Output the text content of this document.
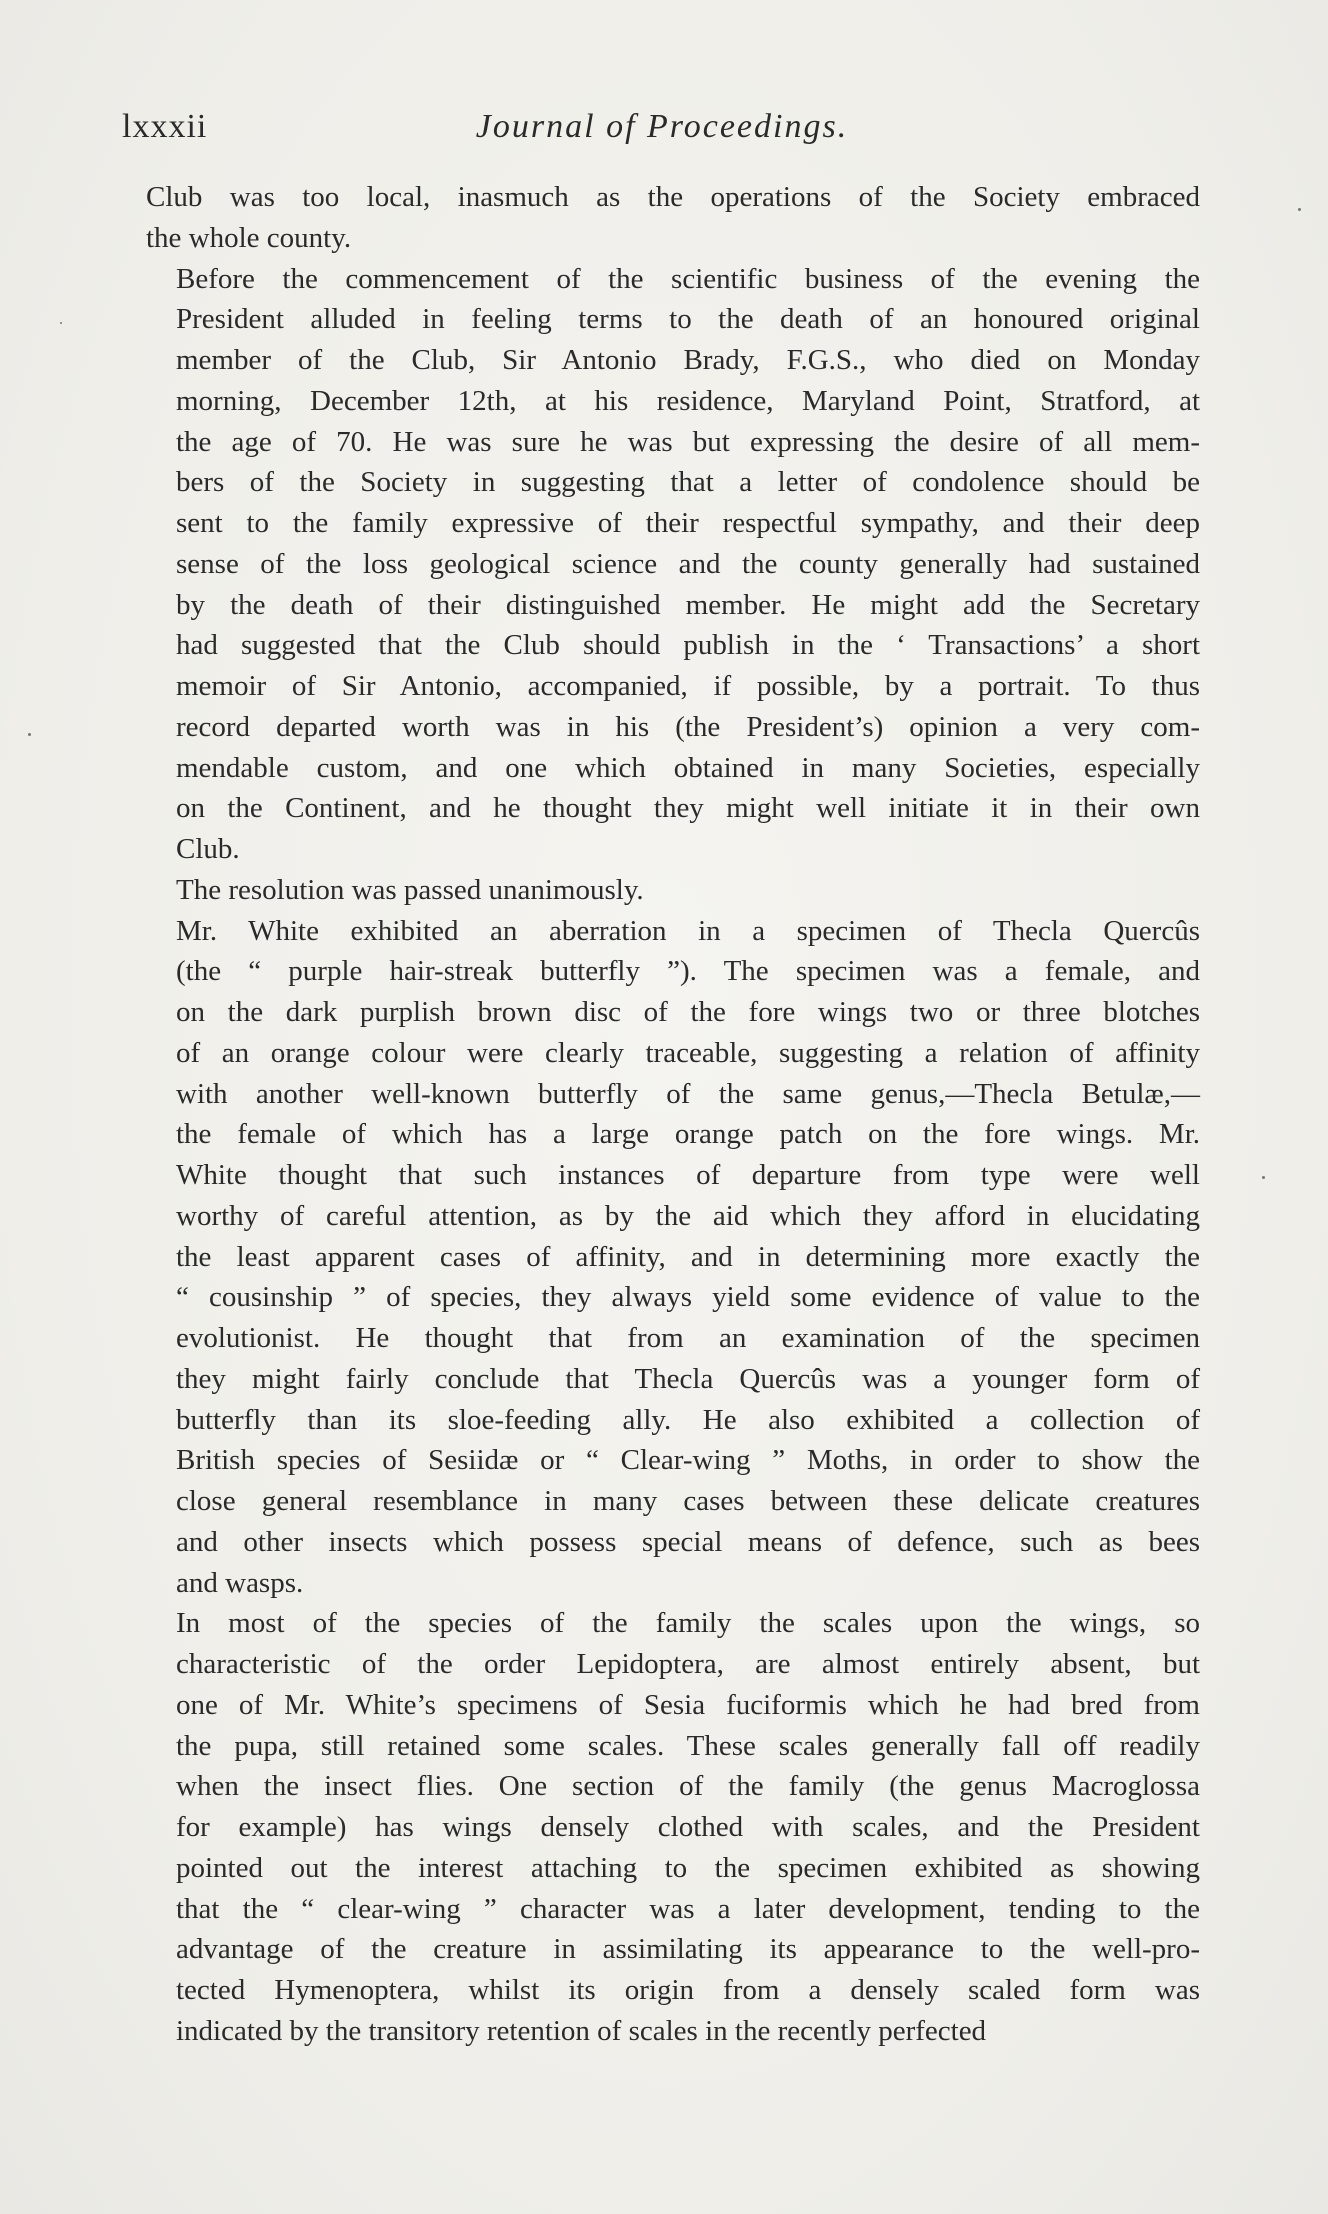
lxxxii	Journal of Proceedings.

Club was too local, inasmuch as the operations of the Society embraced
the whole county.

Before the commencement of the scientific business of the evening the
President alluded in feeling terms to the death of an honoured original
member of the Club, Sir Antonio Brady, F.G.S., who died on Monday
morning, December 12th, at his residence, Maryland Point, Stratford, at
the age of 70. He was sure he was but expressing the desire of all mem-
bers of the Society in suggesting that a letter of condolence should be
sent to the family expressive of their respectful sympathy, and their deep
sense of the loss geological science and the county generally had sustained
by the death of their distinguished member. He might add the Secretary
had suggested that the Club should publish in the ‘ Transactions’ a short
memoir of Sir Antonio, accompanied, if possible, by a portrait. To thus
record departed worth was in his (the President’s) opinion a very com-
mendable custom, and one which obtained in many Societies, especially
on the Continent, and he thought they might well initiate it in their own
Club.

The resolution was passed unanimously.

Mr. White exhibited an aberration in a specimen of Thecla Quercûs
(the “ purple hair-streak butterfly ”). The specimen was a female, and
on the dark purplish brown disc of the fore wings two or three blotches
of an orange colour were clearly traceable, suggesting a relation of affinity
with another well-known butterfly of the same genus,—Thecla Betulæ,—
the female of which has a large orange patch on the fore wings. Mr.
White thought that such instances of departure from type were well
worthy of careful attention, as by the aid which they afford in elucidating
the least apparent cases of affinity, and in determining more exactly the
“ cousinship ” of species, they always yield some evidence of value to the
evolutionist. He thought that from an examination of the specimen
they might fairly conclude that Thecla Quercûs was a younger form of
butterfly than its sloe-feeding ally. He also exhibited a collection of
British species of Sesiidæ or “ Clear-wing ” Moths, in order to show the
close general resemblance in many cases between these delicate creatures
and other insects which possess special means of defence, such as bees
and wasps.

In most of the species of the family the scales upon the wings, so
characteristic of the order Lepidoptera, are almost entirely absent, but
one of Mr. White’s specimens of Sesia fuciformis which he had bred from
the pupa, still retained some scales. These scales generally fall off readily
when the insect flies. One section of the family (the genus Macroglossa
for example) has wings densely clothed with scales, and the President
pointed out the interest attaching to the specimen exhibited as showing
that the “ clear-wing ” character was a later development, tending to the
advantage of the creature in assimilating its appearance to the well-pro-
tected Hymenoptera, whilst its origin from a densely scaled form was
indicated by the transitory retention of scales in the recently perfected
